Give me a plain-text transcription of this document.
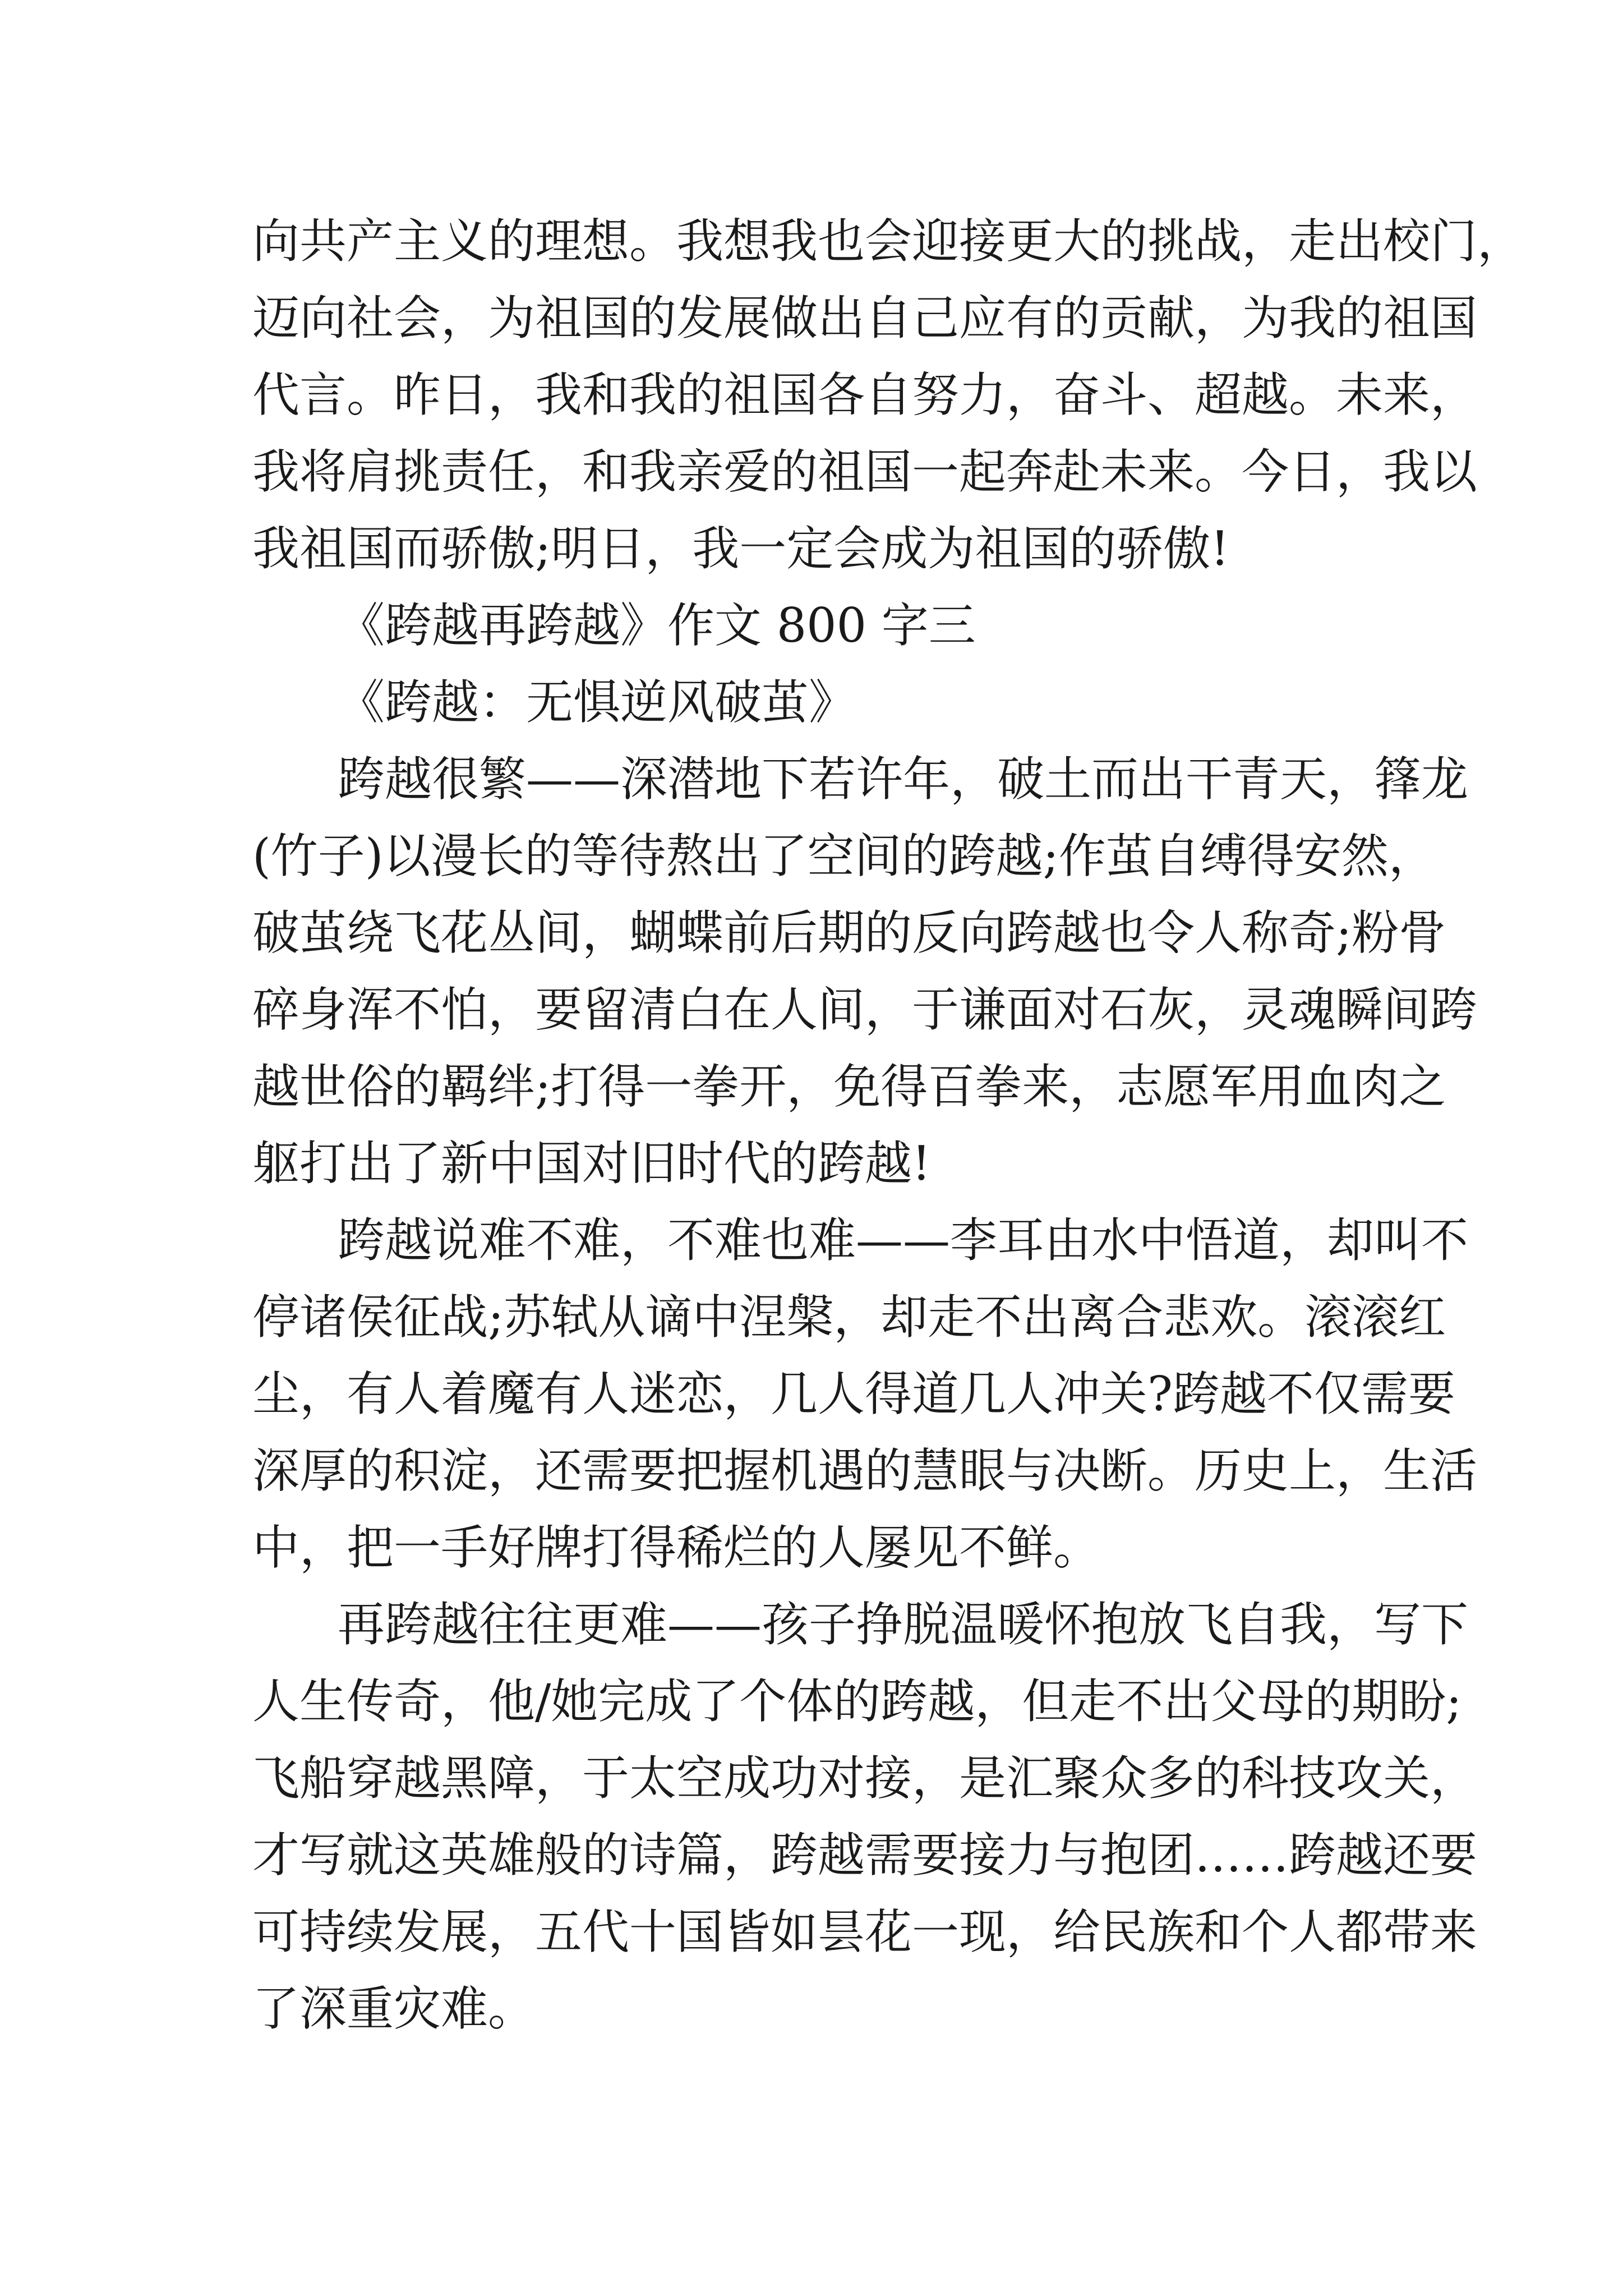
向共产主义的理想。我想我也会迎接更大的挑战，走出校门，
迈向社会，为祖国的发展做出自己应有的贡献，为我的祖国
代言。昨日，我和我的祖国各自努力，奋斗、超越。未来，
我将肩挑责任，和我亲爱的祖国一起奔赴未来。今日，我以
我祖国而骄傲;明日，我一定会成为祖国的骄傲!
《跨越再跨越》作文 800 字三
《跨越：无惧逆风破茧》
跨越很繁——深潜地下若许年，破土而出干青天，箨龙
(竹子)以漫长的等待熬出了空间的跨越;作茧自缚得安然，
破茧绕飞花丛间，蝴蝶前后期的反向跨越也令人称奇;粉骨
碎身浑不怕，要留清白在人间，于谦面对石灰，灵魂瞬间跨
越世俗的羁绊;打得一拳开，免得百拳来，志愿军用血肉之
躯打出了新中国对旧时代的跨越!
跨越说难不难，不难也难——李耳由水中悟道，却叫不
停诸侯征战;苏轼从谪中涅槃，却走不出离合悲欢。滚滚红
尘，有人着魔有人迷恋，几人得道几人冲关?跨越不仅需要
深厚的积淀，还需要把握机遇的慧眼与决断。历史上，生活
中，把一手好牌打得稀烂的人屡见不鲜。
再跨越往往更难——孩子挣脱温暖怀抱放飞自我，写下
人生传奇，他/她完成了个体的跨越，但走不出父母的期盼;
飞船穿越黑障，于太空成功对接，是汇聚众多的科技攻关，
才写就这英雄般的诗篇，跨越需要接力与抱团……跨越还要
可持续发展，五代十国皆如昙花一现，给民族和个人都带来
了深重灾难。
